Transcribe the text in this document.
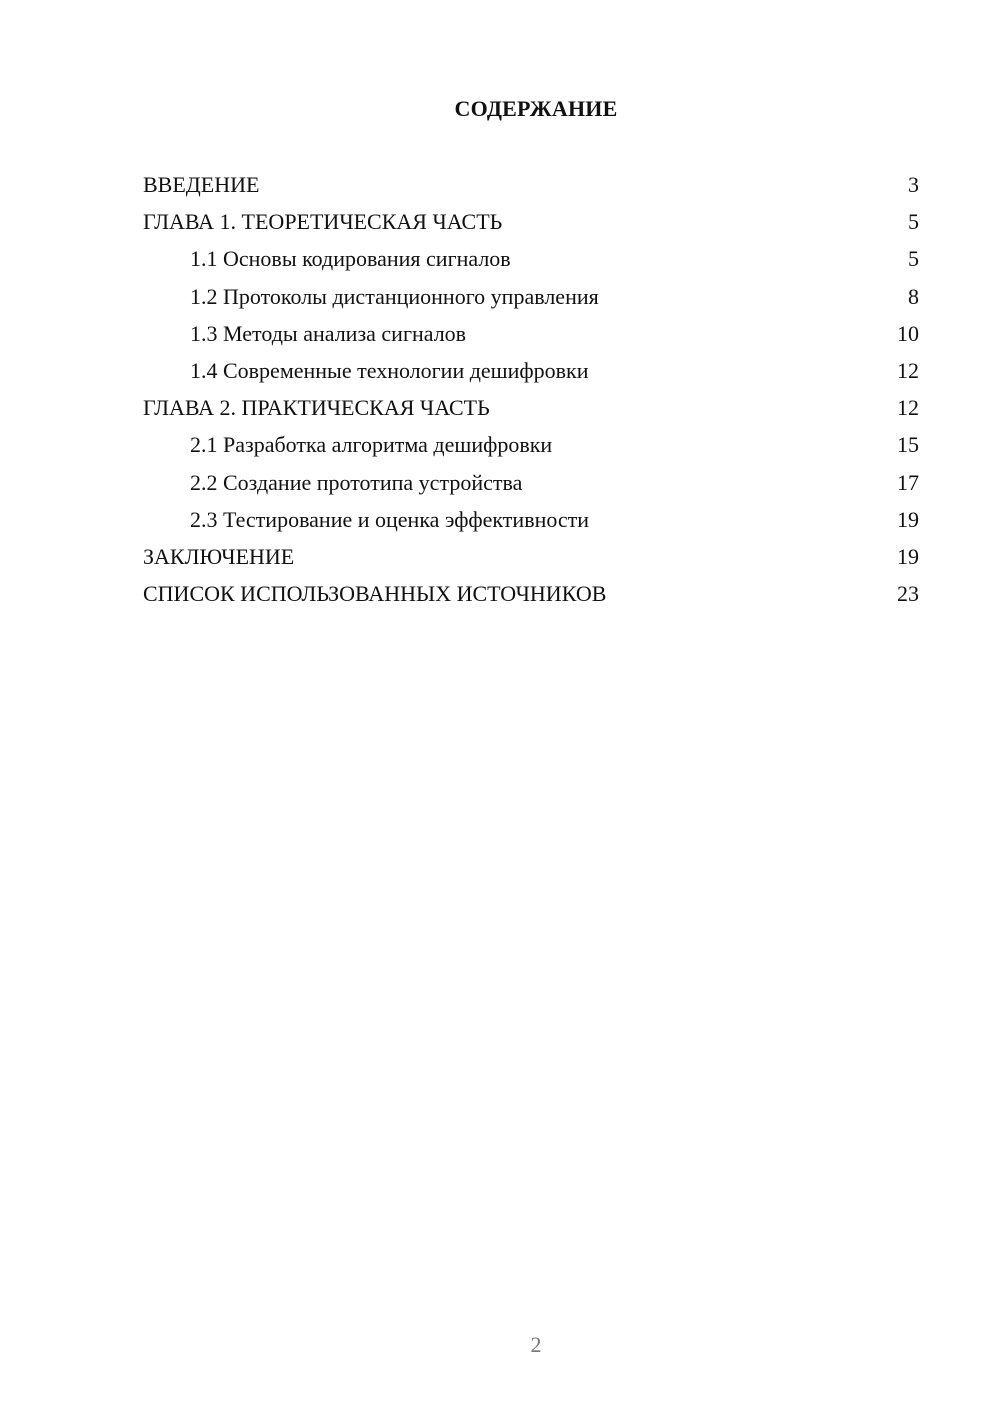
СОДЕРЖАНИЕ
ВВЕДЕНИЕ	3
ГЛАВА 1. ТЕОРЕТИЧЕСКАЯ ЧАСТЬ	5
1.1 Основы кодирования сигналов	5
1.2 Протоколы дистанционного управления	8
1.3 Методы анализа сигналов	10
1.4 Современные технологии дешифровки	12
ГЛАВА 2. ПРАКТИЧЕСКАЯ ЧАСТЬ	12
2.1 Разработка алгоритма дешифровки	15
2.2 Создание прототипа устройства	17
2.3 Тестирование и оценка эффективности	19
ЗАКЛЮЧЕНИЕ	19
СПИСОК ИСПОЛЬЗОВАННЫХ ИСТОЧНИКОВ	23
2
